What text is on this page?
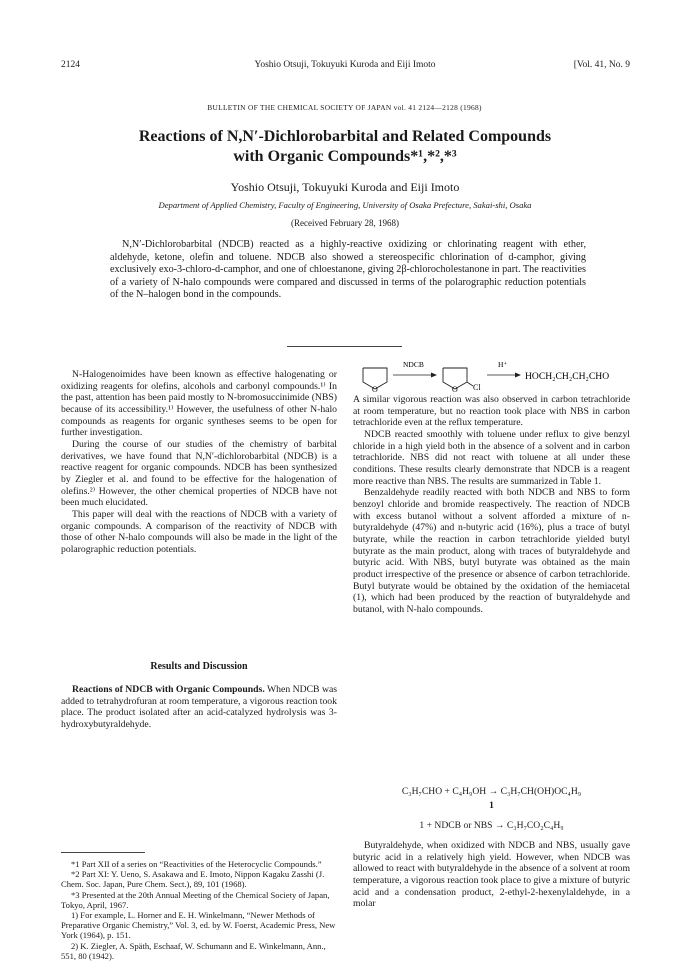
2124	Yoshio Otsuji, Tokuyuki Kuroda and Eiji Imoto	[Vol. 41, No. 9
BULLETIN OF THE CHEMICAL SOCIETY OF JAPAN vol. 41 2124—2128 (1968)
Reactions of N,N′-Dichlorobarbital and Related Compounds
with Organic Compounds*¹,*²,*³
Yoshio Otsuji, Tokuyuki Kuroda and Eiji Imoto
Department of Applied Chemistry, Faculty of Engineering, University of Osaka Prefecture, Sakai-shi, Osaka
(Received February 28, 1968)
N,N′-Dichlorobarbital (NDCB) reacted as a highly-reactive oxidizing or chlorinating reagent with ether, aldehyde, ketone, olefin and toluene. NDCB also showed a stereospecific chlorination of d-camphor, giving exclusively exo-3-chloro-d-camphor, and one of chloestanone, giving 2β-chlorocholestanone in part. The reactivities of a variety of N-halo compounds were compared and discussed in terms of the polarographic reduction potentials of the N–halogen bond in the compounds.

N-Halogenoimides have been known as effective halogenating or oxidizing reagents for olefins, alcohols and carbonyl compounds.¹⁾ In the past, attention has been paid mostly to N-bromosuccinimide (NBS) because of its accessibility.¹⁾ However, the usefulness of other N-halo compounds as reagents for organic syntheses seems to be open for further investigation.

During the course of our studies of the chemistry of barbital derivatives, we have found that N,N′-dichlorobarbital (NDCB) is a reactive reagent for organic compounds. NDCB has been synthesized by Ziegler et al. and found to be effective for the halogenation of olefins.²⁾ However, the other chemical properties of NDCB have not been much elucidated.

This paper will deal with the reactions of NDCB with a variety of organic compounds. A comparison of the reactivity of NDCB with those of other N-halo compounds will also be made in the light of the polarographic reduction potentials.

Results and Discussion

Reactions of NDCB with Organic Compounds. When NDCB was added to tetrahydrofuran at room temperature, a vigorous reaction took place. The product isolated after an acid-catalyzed hydrolysis was 3-hydroxybutyraldehyde.

*1 Part XII of a series on “Reactivities of the Heterocyclic Compounds.”

*2 Part XI: Y. Ueno, S. Asakawa and E. Imoto, Nippon Kagaku Zasshi (J. Chem. Soc. Japan, Pure Chem. Sect.), 89, 101 (1968).

*3 Presented at the 20th Annual Meeting of the Chemical Society of Japan, Tokyo, April, 1967.

1) For example, L. Horner and E. H. Winkelmann, “Newer Methods of Preparative Organic Chemistry,” Vol. 3, ed. by W. Foerst, Academic Press, New York (1964), p. 151.

2) K. Ziegler, A. Späth, Eschaaf, W. Schumann and E. Winkelmann, Ann., 551, 80 (1942).

O
NDCB
O Cl
H⁺
HOCH₂CH₂CH₂CHO

A similar vigorous reaction was also observed in carbon tetrachloride at room temperature, but no reaction took place with NBS in carbon tetrachloride even at the reflux temperature.

NDCB reacted smoothly with toluene under reflux to give benzyl chloride in a high yield both in the absence of a solvent and in carbon tetrachloride. NBS did not react with toluene at all under these conditions. These results clearly demonstrate that NDCB is a reagent more reactive than NBS. The results are summarized in Table 1.

Benzaldehyde readily reacted with both NDCB and NBS to form benzoyl chloride and bromide reaspectively. The reaction of NDCB with excess butanol without a solvent afforded a mixture of n-butyraldehyde (47%) and n-butyric acid (16%), plus a trace of butyl butyrate, while the reaction in carbon tetrachloride yielded butyl butyrate as the main product, along with traces of butyraldehyde and butyric acid. With NBS, butyl butyrate was obtained as the main product irrespective of the presence or absence of carbon tetrachloride. Butyl butyrate would be obtained by the oxidation of the hemiacetal (1), which had been produced by the reaction of butyraldehyde and butanol, with N-halo compounds.

C₃H₇CHO + C₄H₉OH → C₃H₇CH(OH)OC₄H₉
1
1 + NDCB or NBS → C₃H₇CO₂C₄H₉

Butyraldehyde, when oxidized with NDCB and NBS, usually gave butyric acid in a relatively high yield. However, when NDCB was allowed to react with butyraldehyde in the absence of a solvent at room temperature, a vigorous reaction took place to give a mixture of butyric acid and a condensation product, 2-ethyl-2-hexenylaldehyde, in a molar
